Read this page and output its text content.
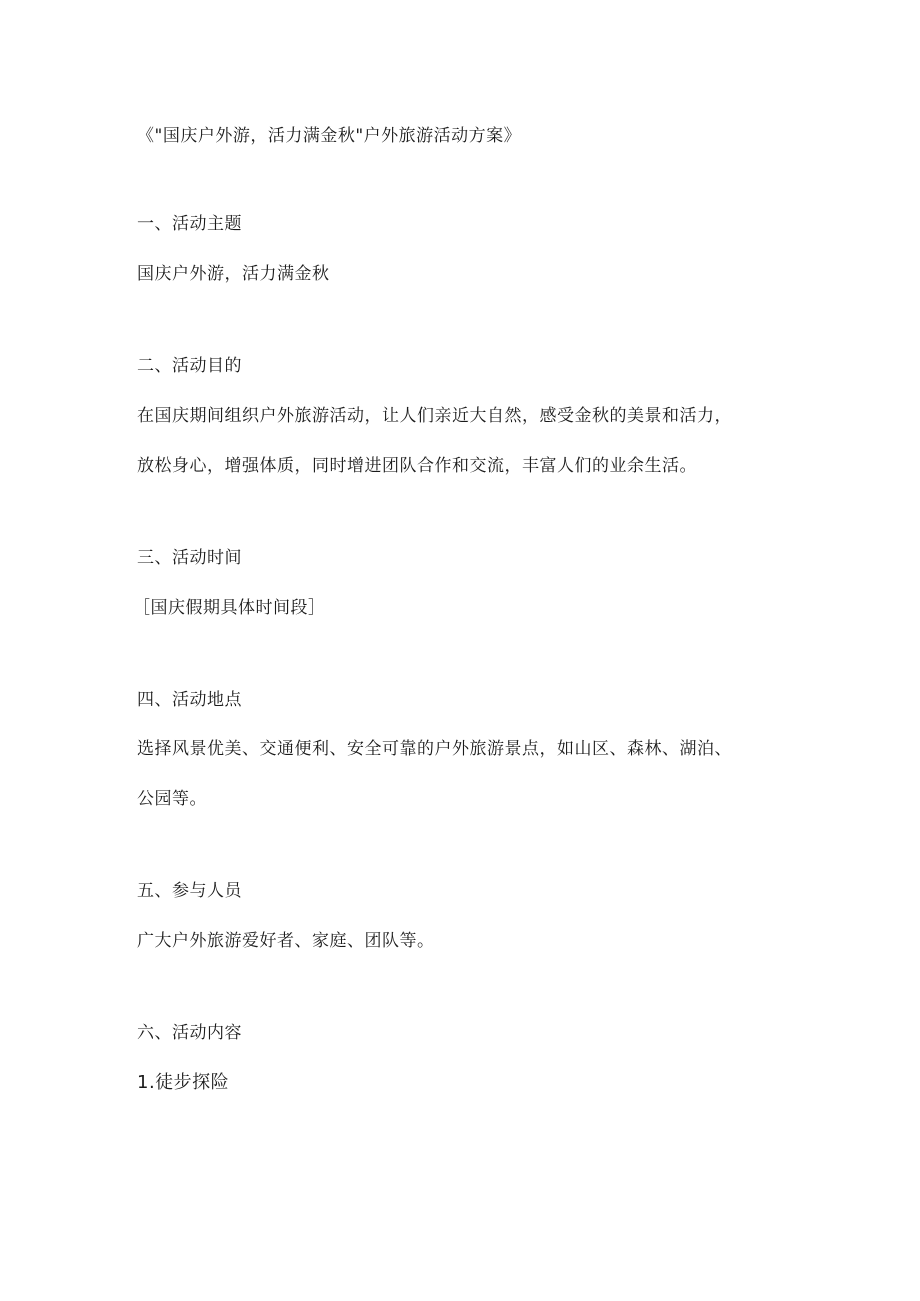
《"国庆户外游，活力满金秋"户外旅游活动方案》
一、活动主题
国庆户外游，活力满金秋
二、活动目的
在国庆期间组织户外旅游活动，让人们亲近大自然，感受金秋的美景和活力，
放松身心，增强体质，同时增进团队合作和交流，丰富人们的业余生活。
三、活动时间
［国庆假期具体时间段］
四、活动地点
选择风景优美、交通便利、安全可靠的户外旅游景点，如山区、森林、湖泊、
公园等。
五、参与人员
广大户外旅游爱好者、家庭、团队等。
六、活动内容
1.徒步探险
